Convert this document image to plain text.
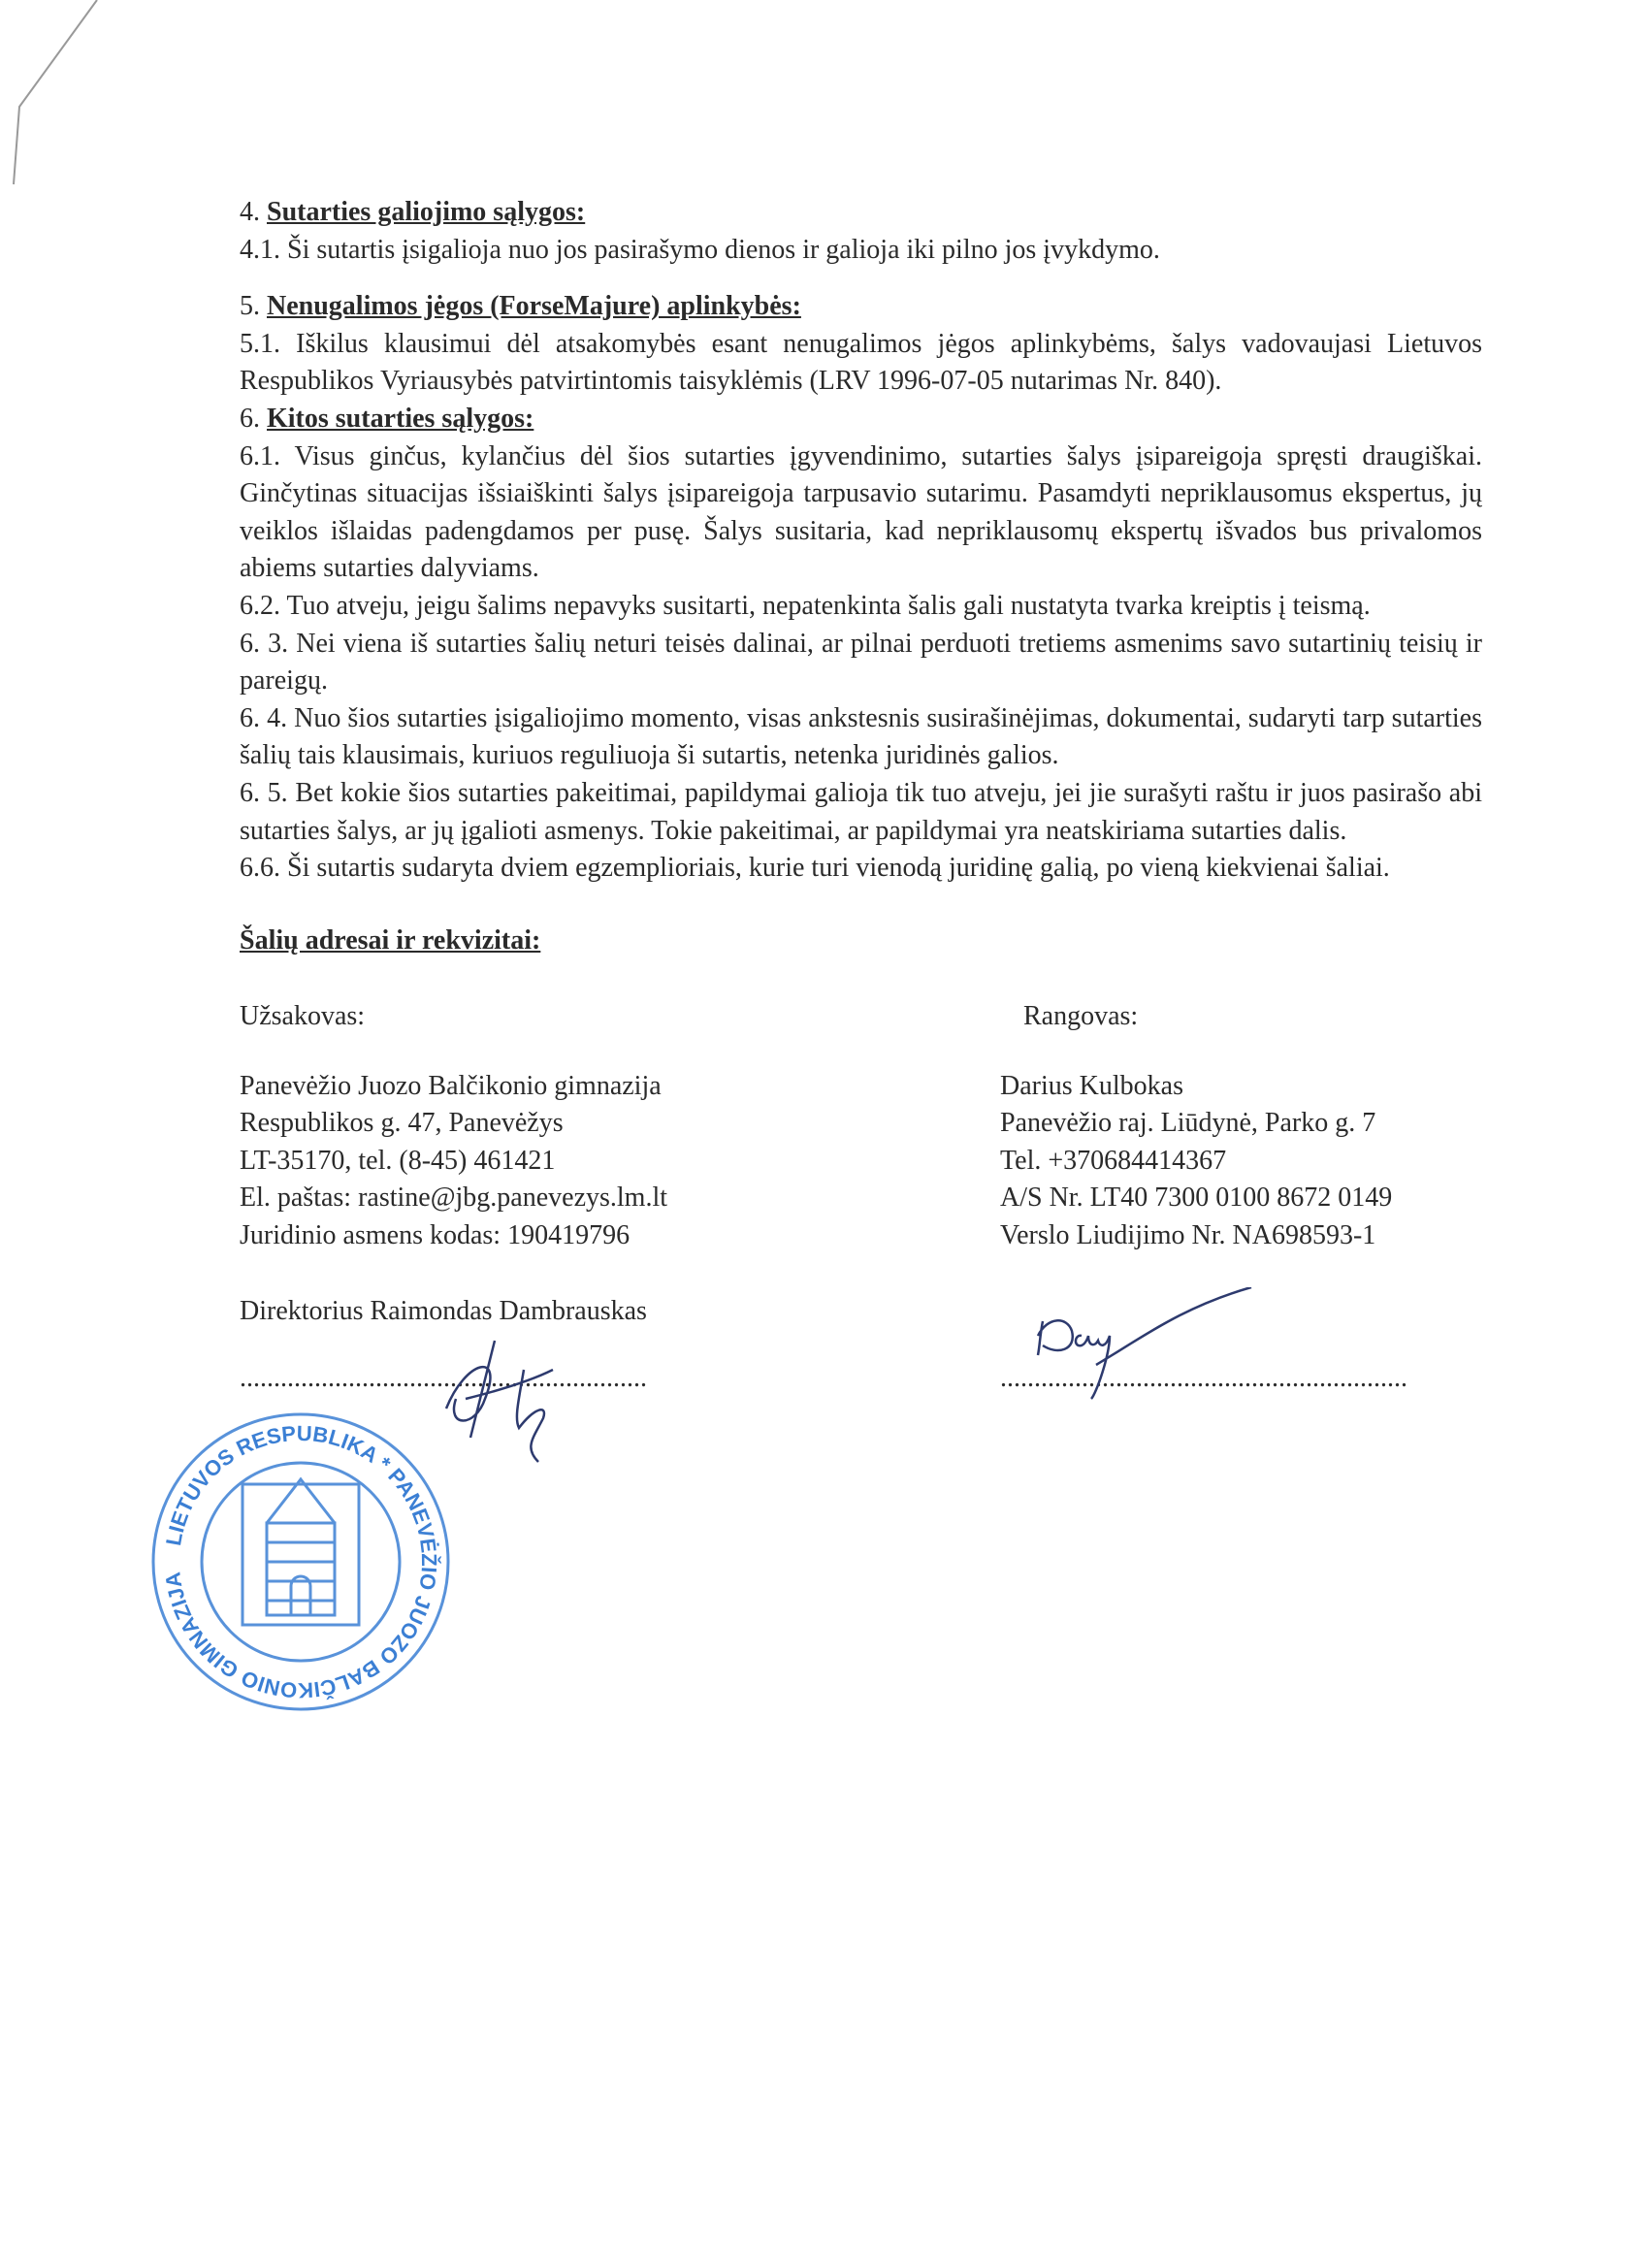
4. Sutarties galiojimo sąlygos:

4.1. Ši sutartis įsigalioja nuo jos pasirašymo dienos ir galioja iki pilno jos įvykdymo.

5. Nenugalimos jėgos (ForseMajure) aplinkybės:

5.1. Iškilus klausimui dėl atsakomybės esant nenugalimos jėgos aplinkybėms, šalys vadovaujasi Lietuvos Respublikos Vyriausybės patvirtintomis taisyklėmis (LRV 1996-07-05 nutarimas Nr. 840).

6. Kitos sutarties sąlygos:

6.1. Visus ginčus, kylančius dėl šios sutarties įgyvendinimo, sutarties šalys įsipareigoja spręsti draugiškai. Ginčytinas situacijas išsiaiškinti šalys įsipareigoja tarpusavio sutarimu. Pasamdyti nepriklausomus ekspertus, jų veiklos išlaidas padengdamos per pusę. Šalys susitaria, kad nepriklausomų ekspertų išvados bus privalomos abiems sutarties dalyviams.

6.2. Tuo atveju, jeigu šalims nepavyks susitarti, nepatenkinta šalis gali nustatyta tvarka kreiptis į teismą.

6. 3. Nei viena iš sutarties šalių neturi teisės dalinai, ar pilnai perduoti tretiems asmenims savo sutartinių teisių ir pareigų.

6. 4. Nuo šios sutarties įsigaliojimo momento, visas ankstesnis susirašinėjimas, dokumentai, sudaryti tarp sutarties šalių tais klausimais, kuriuos reguliuoja ši sutartis, netenka juridinės galios.

6. 5. Bet kokie šios sutarties pakeitimai, papildymai galioja tik tuo atveju, jei jie surašyti raštu ir juos pasirašo abi sutarties šalys, ar jų įgalioti asmenys. Tokie pakeitimai, ar papildymai yra neatskiriama sutarties dalis.

6.6. Ši sutartis sudaryta dviem egzemplioriais, kurie turi vienodą juridinę galią, po vieną kiekvienai šaliai.

Šalių adresai ir rekvizitai:
Užsakovas:
Panevėžio Juozo Balčikonio gimnazija
Respublikos g. 47, Panevėžys
LT-35170, tel. (8-45) 461421
El. paštas: rastine@jbg.panevezys.lm.lt
Juridinio asmens kodas: 190419796
Direktorius Raimondas Dambrauskas
............................................................
LIETUVOS RESPUBLIKA * PANEVĖŽIO JUOZO BALČIKONIO GIMNAZIJA
Rangovas:
Darius Kulbokas
Panevėžio raj. Liūdynė, Parko g. 7
Tel. +370684414367
A/S Nr. LT40 7300 0100 8672 0149
Verslo Liudijimo Nr. NA698593-1
............................................................
